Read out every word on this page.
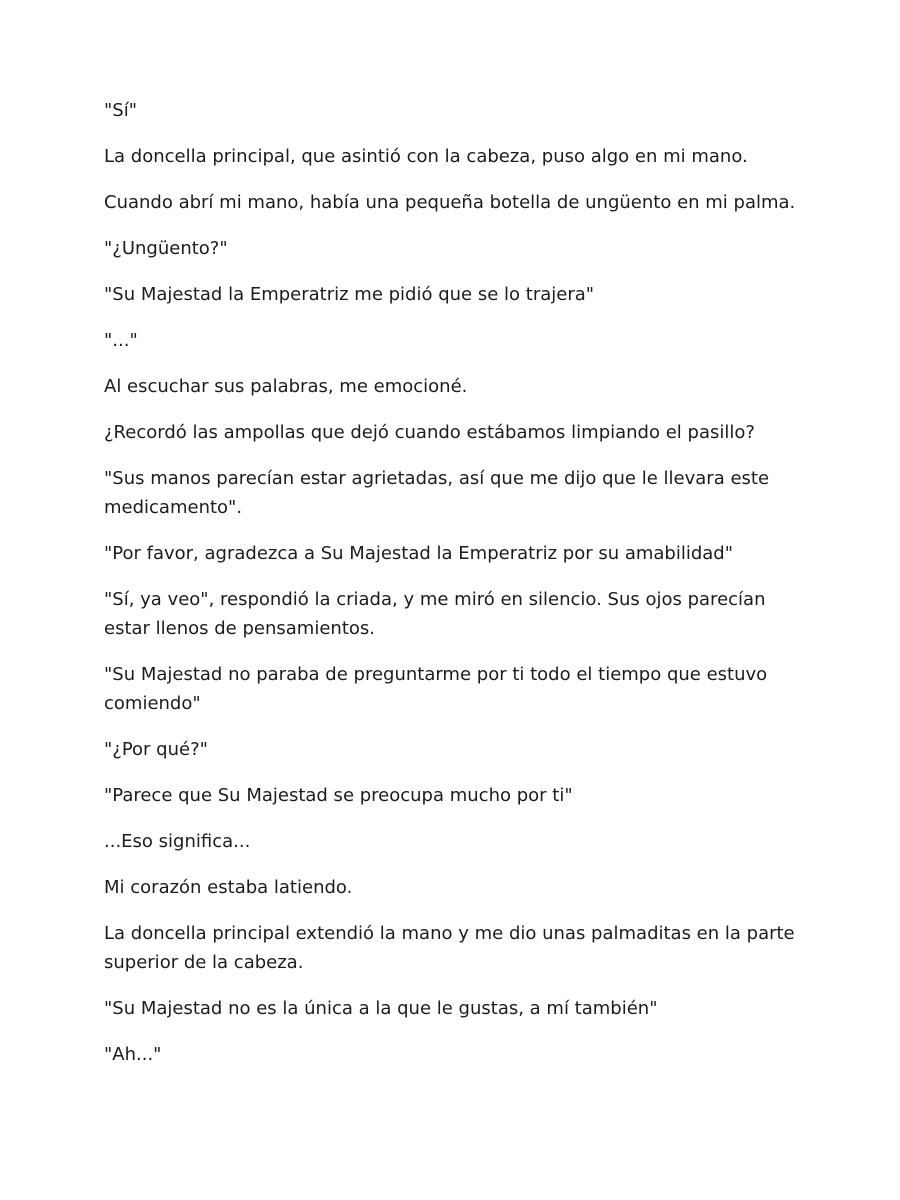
"Sí"

La doncella principal, que asintió con la cabeza, puso algo en mi mano.

Cuando abrí mi mano, había una pequeña botella de ungüento en mi palma.

"¿Ungüento?"

"Su Majestad la Emperatriz me pidió que se lo trajera"

"..."

Al escuchar sus palabras, me emocioné.

¿Recordó las ampollas que dejó cuando estábamos limpiando el pasillo?

"Sus manos parecían estar agrietadas, así que me dijo que le llevara este medicamento".

"Por favor, agradezca a Su Majestad la Emperatriz por su amabilidad"

"Sí, ya veo", respondió la criada, y me miró en silencio. Sus ojos parecían estar llenos de pensamientos.

"Su Majestad no paraba de preguntarme por ti todo el tiempo que estuvo comiendo"

"¿Por qué?"

"Parece que Su Majestad se preocupa mucho por ti"

...Eso significa...

Mi corazón estaba latiendo.

La doncella principal extendió la mano y me dio unas palmaditas en la parte superior de la cabeza.

"Su Majestad no es la única a la que le gustas, a mí también"

"Ah..."
